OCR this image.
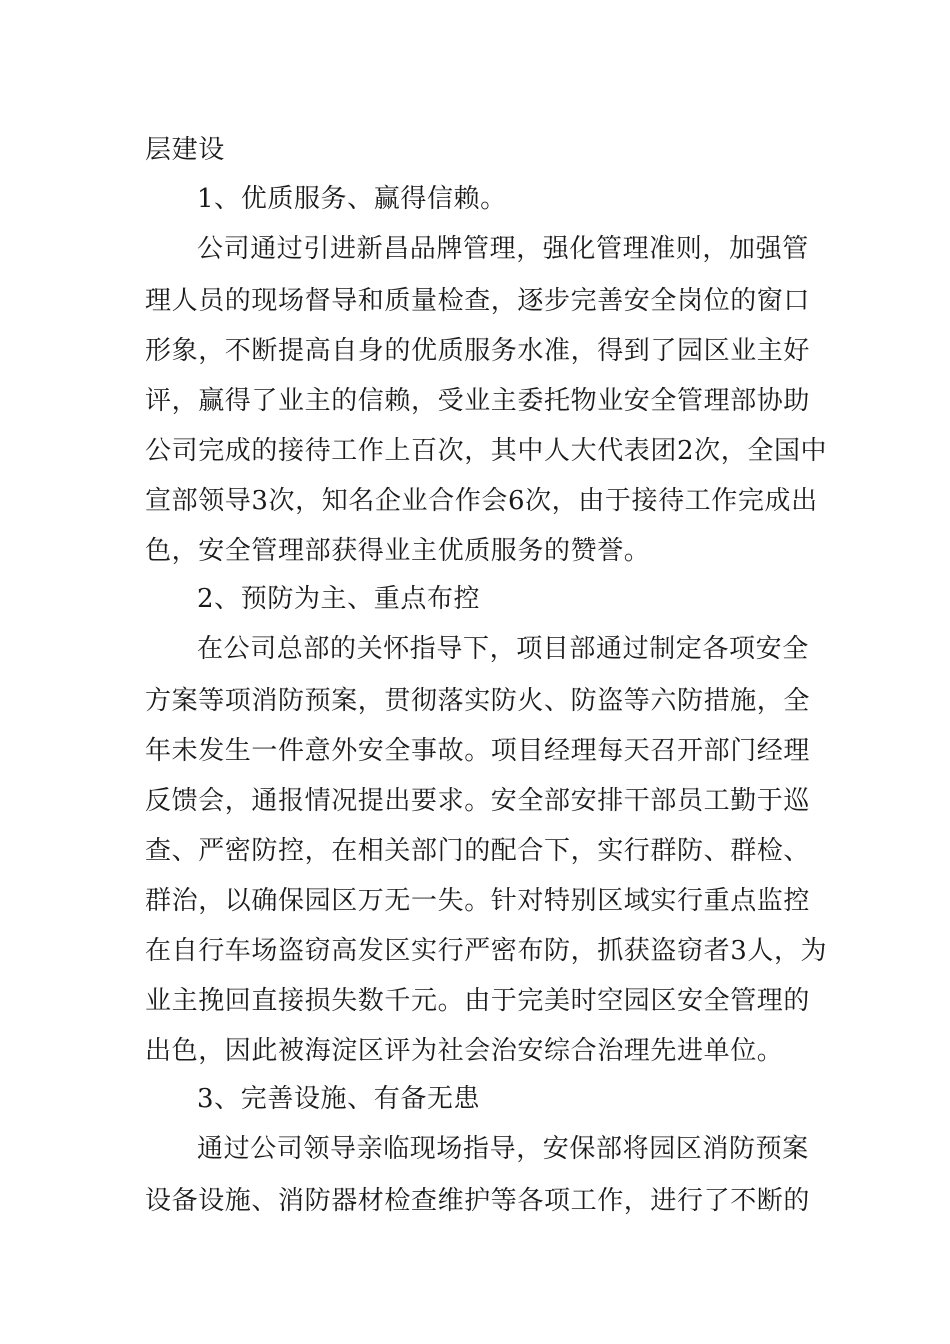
层建设
1、优质服务、赢得信赖。
公司通过引进新昌品牌管理，强化管理准则，加强管
理人员的现场督导和质量检查，逐步完善安全岗位的窗口
形象，不断提高自身的优质服务水准，得到了园区业主好
评，赢得了业主的信赖，受业主委托物业安全管理部协助
公司完成的接待工作上百次，其中人大代表团2次，全国中
宣部领导3次，知名企业合作会6次，由于接待工作完成出
色，安全管理部获得业主优质服务的赞誉。
2、预防为主、重点布控
在公司总部的关怀指导下，项目部通过制定各项安全
方案等项消防预案，贯彻落实防火、防盗等六防措施，全
年未发生一件意外安全事故。项目经理每天召开部门经理
反馈会，通报情况提出要求。安全部安排干部员工勤于巡
查、严密防控，在相关部门的配合下，实行群防、群检、
群治，以确保园区万无一失。针对特别区域实行重点监控
在自行车场盗窃高发区实行严密布防，抓获盗窃者3人，为
业主挽回直接损失数千元。由于完美时空园区安全管理的
出色，因此被海淀区评为社会治安综合治理先进单位。
3、完善设施、有备无患
通过公司领导亲临现场指导，安保部将园区消防预案
设备设施、消防器材检查维护等各项工作，进行了不断的
